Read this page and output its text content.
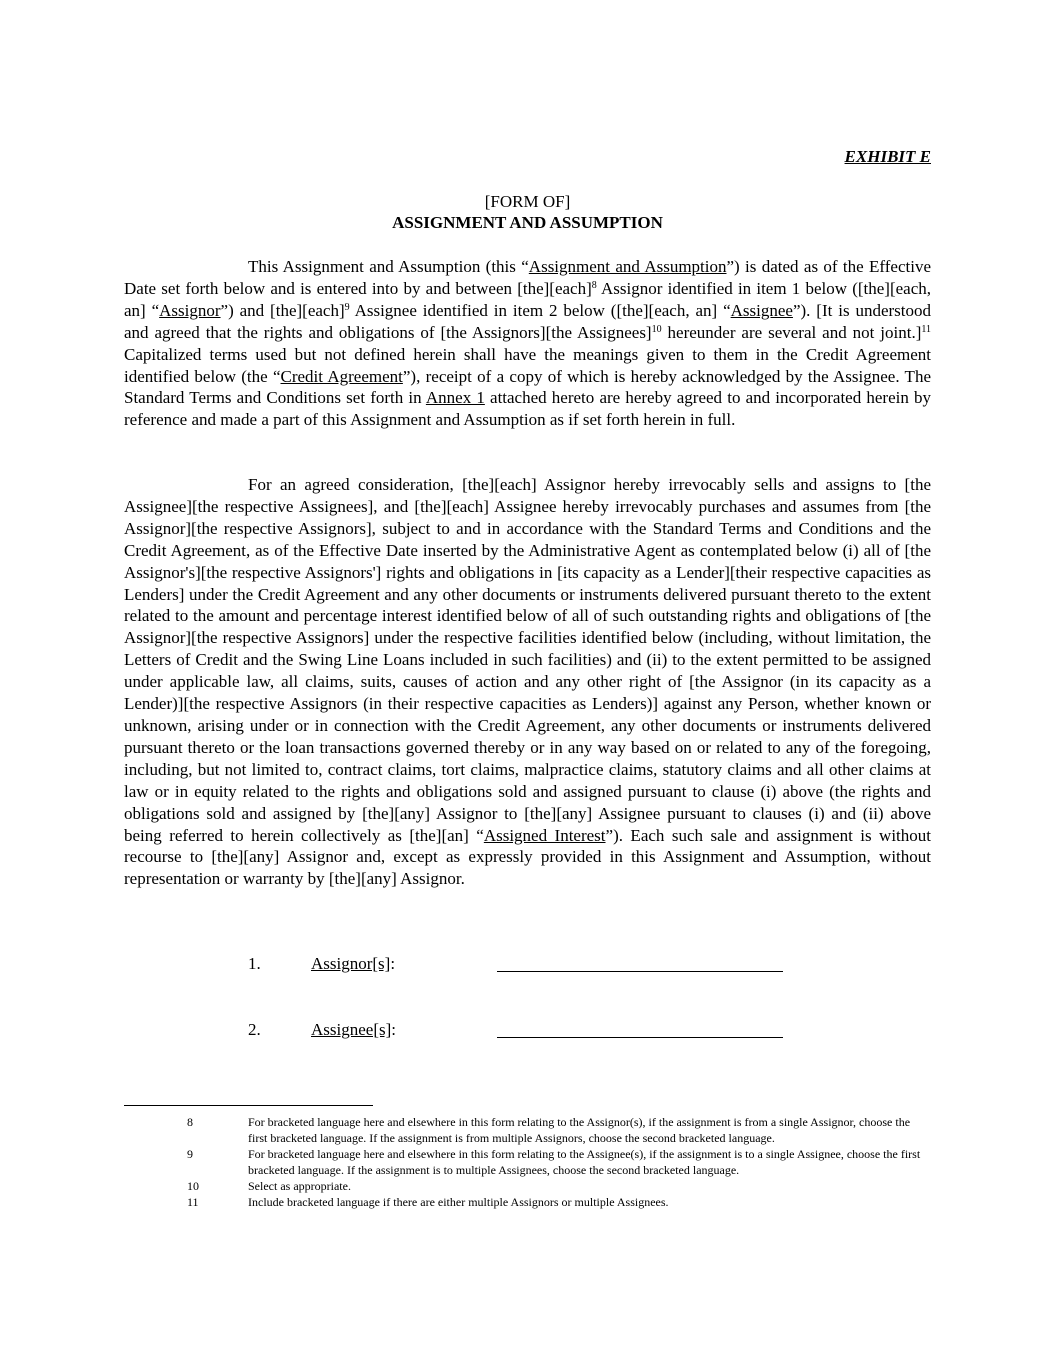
EXHIBIT E
[FORM OF]
ASSIGNMENT AND ASSUMPTION

This Assignment and Assumption (this “Assignment and Assumption”) is dated as of the Effective Date set forth below and is entered into by and between [the][each]$^8$ Assignor identified in item 1 below ([the][each, an] “Assignor”) and [the][each]$^9$ Assignee identified in item 2 below ([the][each, an] “Assignee”). [It is understood and agreed that the rights and obligations of [the Assignors][the Assignees]$^{10}$ hereunder are several and not joint.]$^{11}$ Capitalized terms used but not defined herein shall have the meanings given to them in the Credit Agreement identified below (the “Credit Agreement”), receipt of a copy of which is hereby acknowledged by the Assignee. The Standard Terms and Conditions set forth in Annex 1 attached hereto are hereby agreed to and incorporated herein by reference and made a part of this Assignment and Assumption as if set forth herein in full.

For an agreed consideration, [the][each] Assignor hereby irrevocably sells and assigns to [the Assignee][the respective Assignees], and [the][each] Assignee hereby irrevocably purchases and assumes from [the Assignor][the respective Assignors], subject to and in accordance with the Standard Terms and Conditions and the Credit Agreement, as of the Effective Date inserted by the Administrative Agent as contemplated below (i) all of [the Assignor's][the respective Assignors'] rights and obligations in [its capacity as a Lender][their respective capacities as Lenders] under the Credit Agreement and any other documents or instruments delivered pursuant thereto to the extent related to the amount and percentage interest identified below of all of such outstanding rights and obligations of [the Assignor][the respective Assignors] under the respective facilities identified below (including, without limitation, the Letters of Credit and the Swing Line Loans included in such facilities) and (ii) to the extent permitted to be assigned under applicable law, all claims, suits, causes of action and any other right of [the Assignor (in its capacity as a Lender)][the respective Assignors (in their respective capacities as Lenders)] against any Person, whether known or unknown, arising under or in connection with the Credit Agreement, any other documents or instruments delivered pursuant thereto or the loan transactions governed thereby or in any way based on or related to any of the foregoing, including, but not limited to, contract claims, tort claims, malpractice claims, statutory claims and all other claims at law or in equity related to the rights and obligations sold and assigned pursuant to clause (i) above (the rights and obligations sold and assigned by [the][any] Assignor to [the][any] Assignee pursuant to clauses (i) and (ii) above being referred to herein collectively as [the][an] “Assigned Interest”). Each such sale and assignment is without recourse to [the][any] Assignor and, except as expressly provided in this Assignment and Assumption, without representation or warranty by [the][any] Assignor.

1.	Assignor[s]:
2.	Assignee[s]:

8	For bracketed language here and elsewhere in this form relating to the Assignor(s), if the assignment is from a single Assignor, choose the first bracketed language. If the assignment is from multiple Assignors, choose the second bracketed language.

9	For bracketed language here and elsewhere in this form relating to the Assignee(s), if the assignment is to a single Assignee, choose the first bracketed language. If the assignment is to multiple Assignees, choose the second bracketed language.

10	Select as appropriate.

11	Include bracketed language if there are either multiple Assignors or multiple Assignees.
